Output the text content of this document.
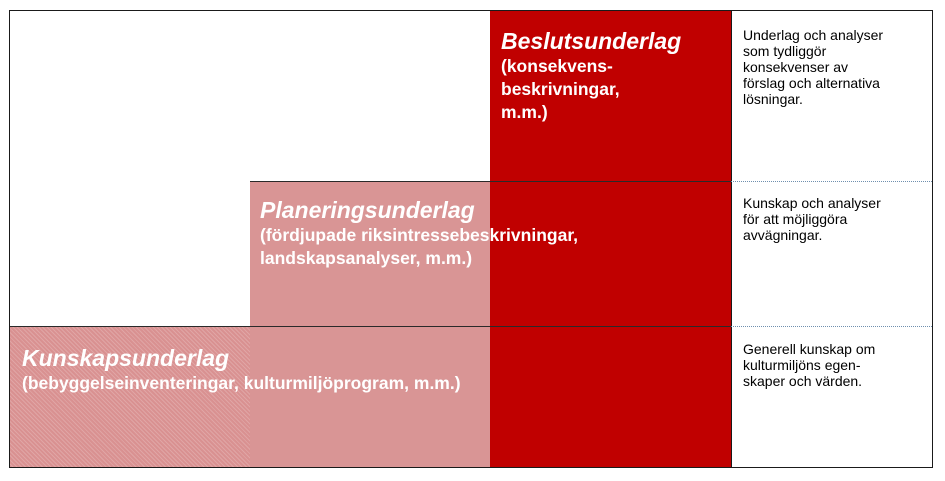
Beslutsunderlag
(konsekvens-
beskrivningar,
m.m.)
Planeringsunderlag
(fördjupade riksintressebeskrivningar,
landskapsanalyser, m.m.)
Kunskapsunderlag
(bebyggelseinventeringar, kulturmiljöprogram, m.m.)
Underlag och analyser
som tydliggör
konsekvenser av
förslag och alternativa
lösningar.
Kunskap och analyser
för att möjliggöra
avvägningar.
Generell kunskap om
kulturmiljöns egen-
skaper och värden.
